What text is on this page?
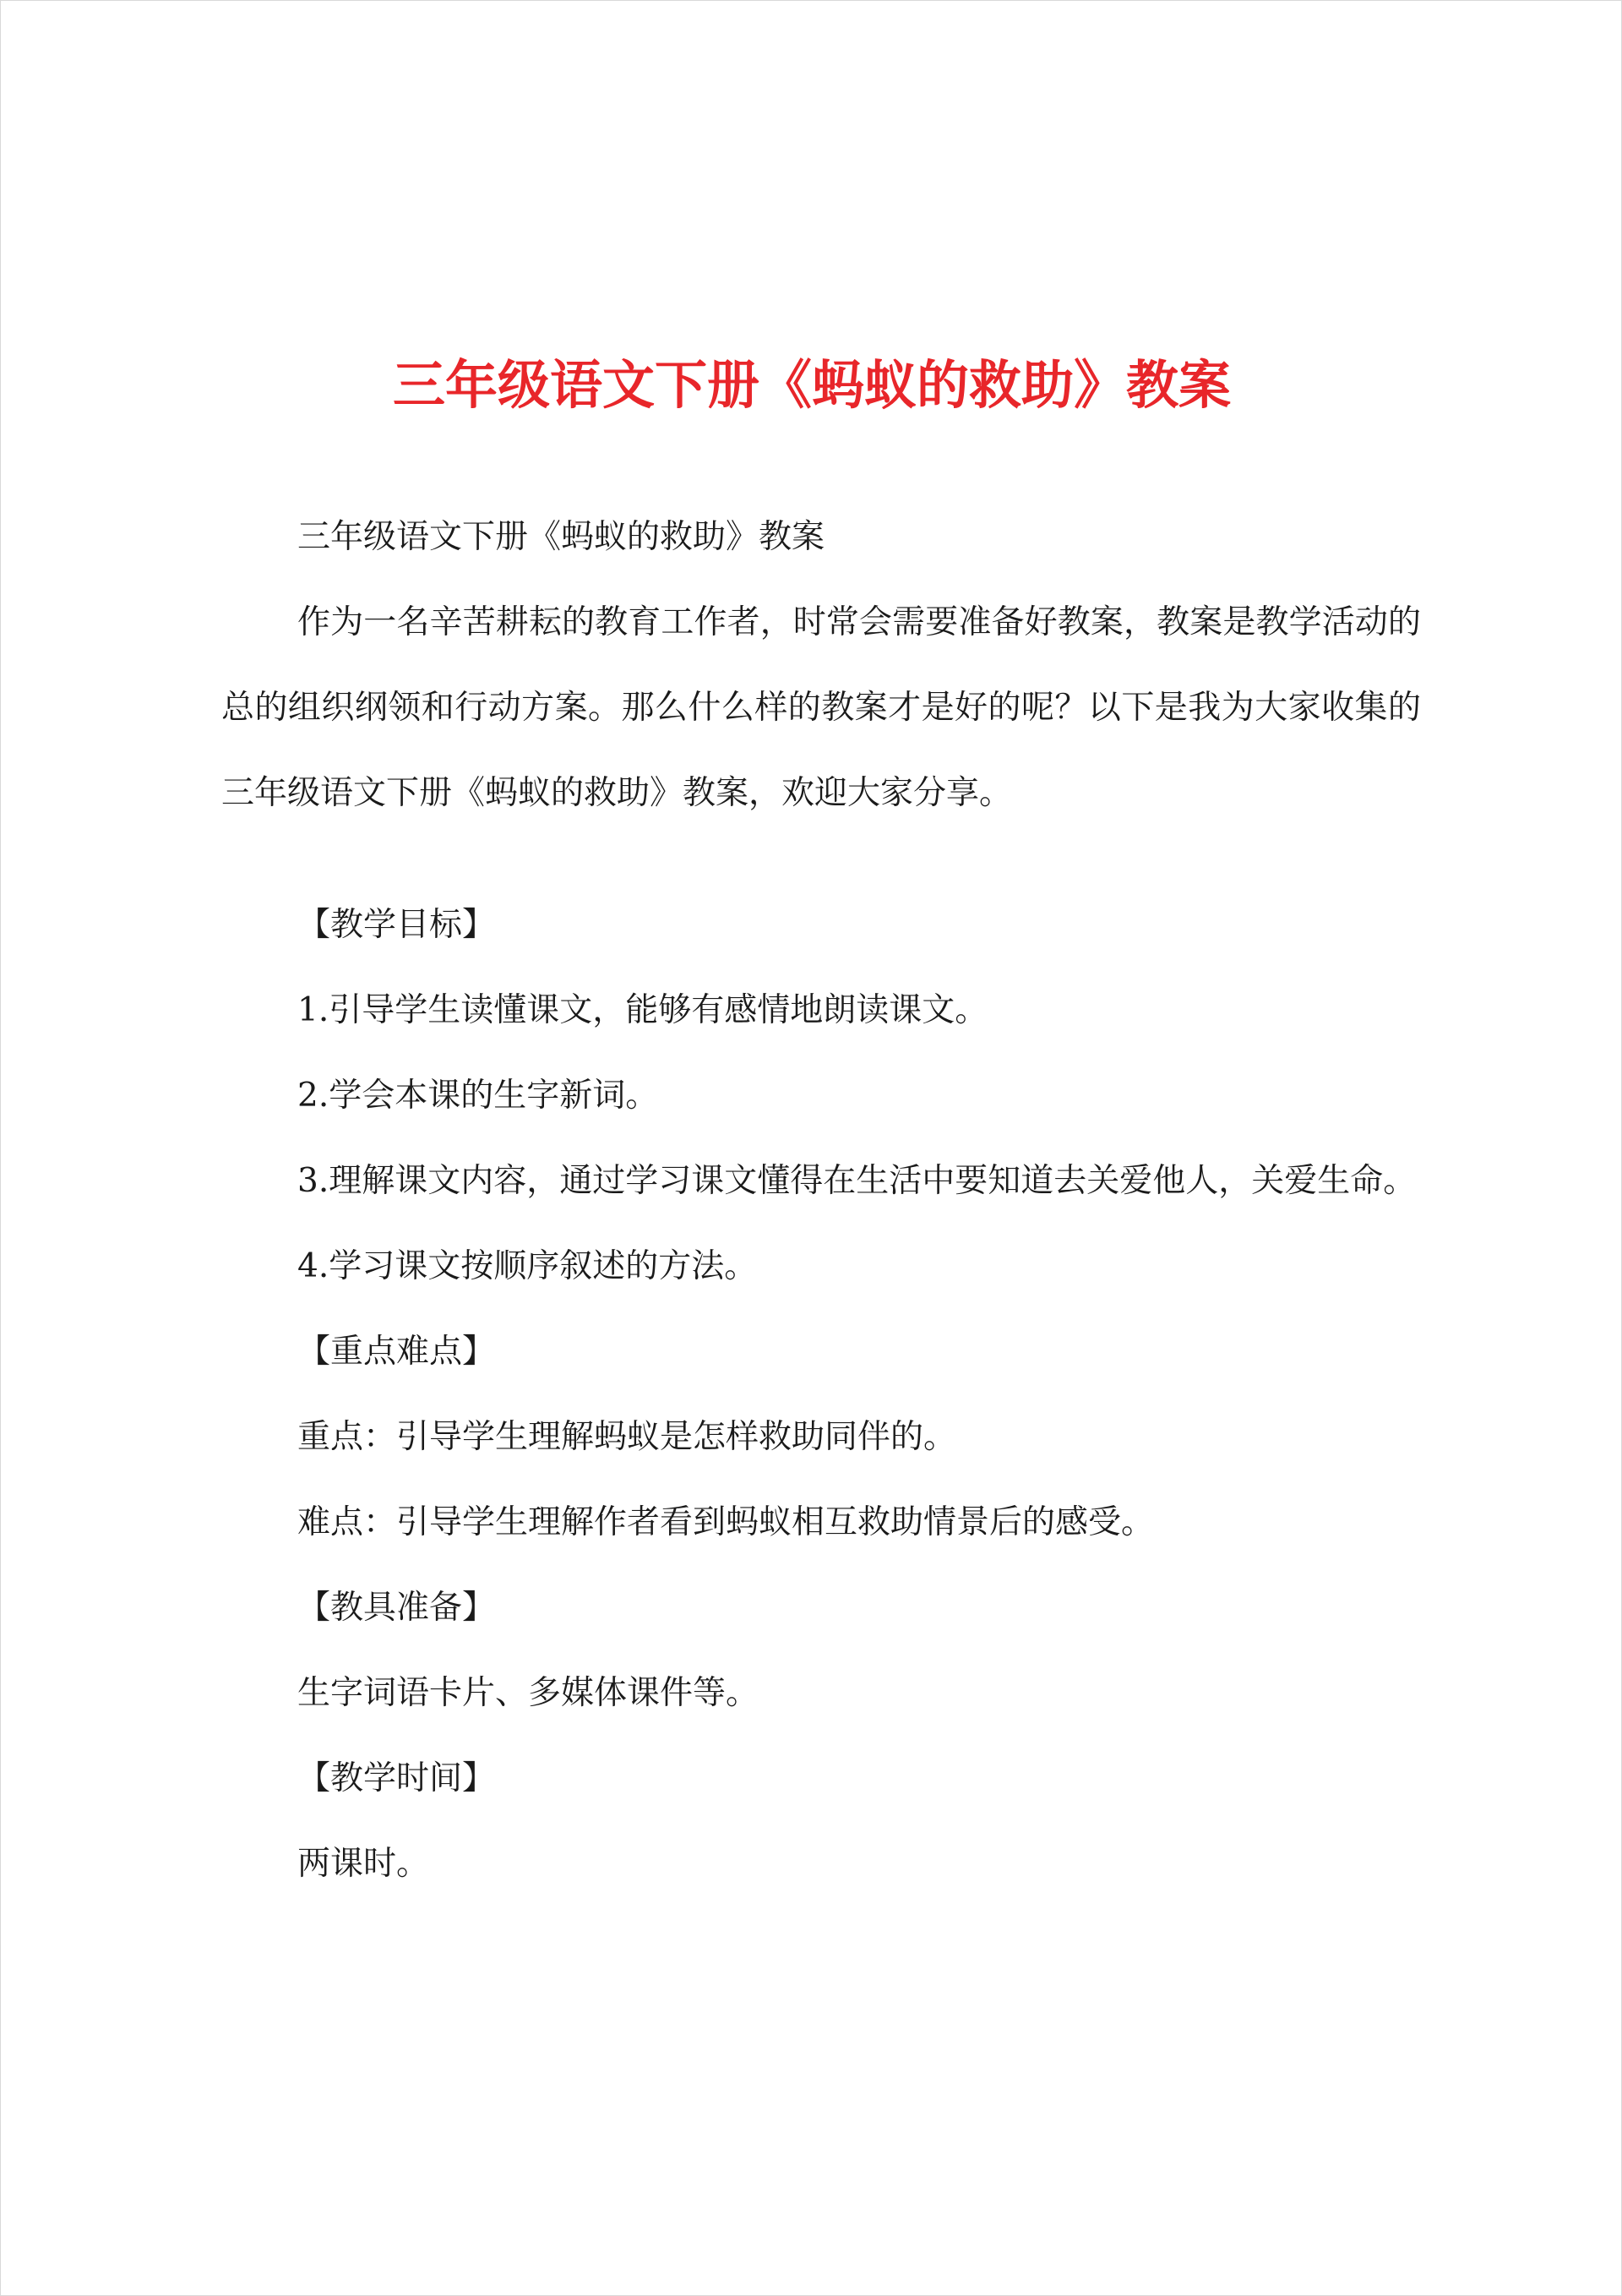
三年级语文下册《蚂蚁的救助》教案

三年级语文下册《蚂蚁的救助》教案

作为一名辛苦耕耘的教育工作者，时常会需要准备好教案，教案是教学活动的总的组织纲领和行动方案。那么什么样的教案才是好的呢？以下是我为大家收集的三年级语文下册《蚂蚁的救助》教案，欢迎大家分享。

【教学目标】

1.引导学生读懂课文，能够有感情地朗读课文。

2.学会本课的生字新词。

3.理解课文内容，通过学习课文懂得在生活中要知道去关爱他人，关爱生命。

4.学习课文按顺序叙述的方法。

【重点难点】

重点：引导学生理解蚂蚁是怎样救助同伴的。

难点：引导学生理解作者看到蚂蚁相互救助情景后的感受。

【教具准备】

生字词语卡片、多媒体课件等。

【教学时间】

两课时。
